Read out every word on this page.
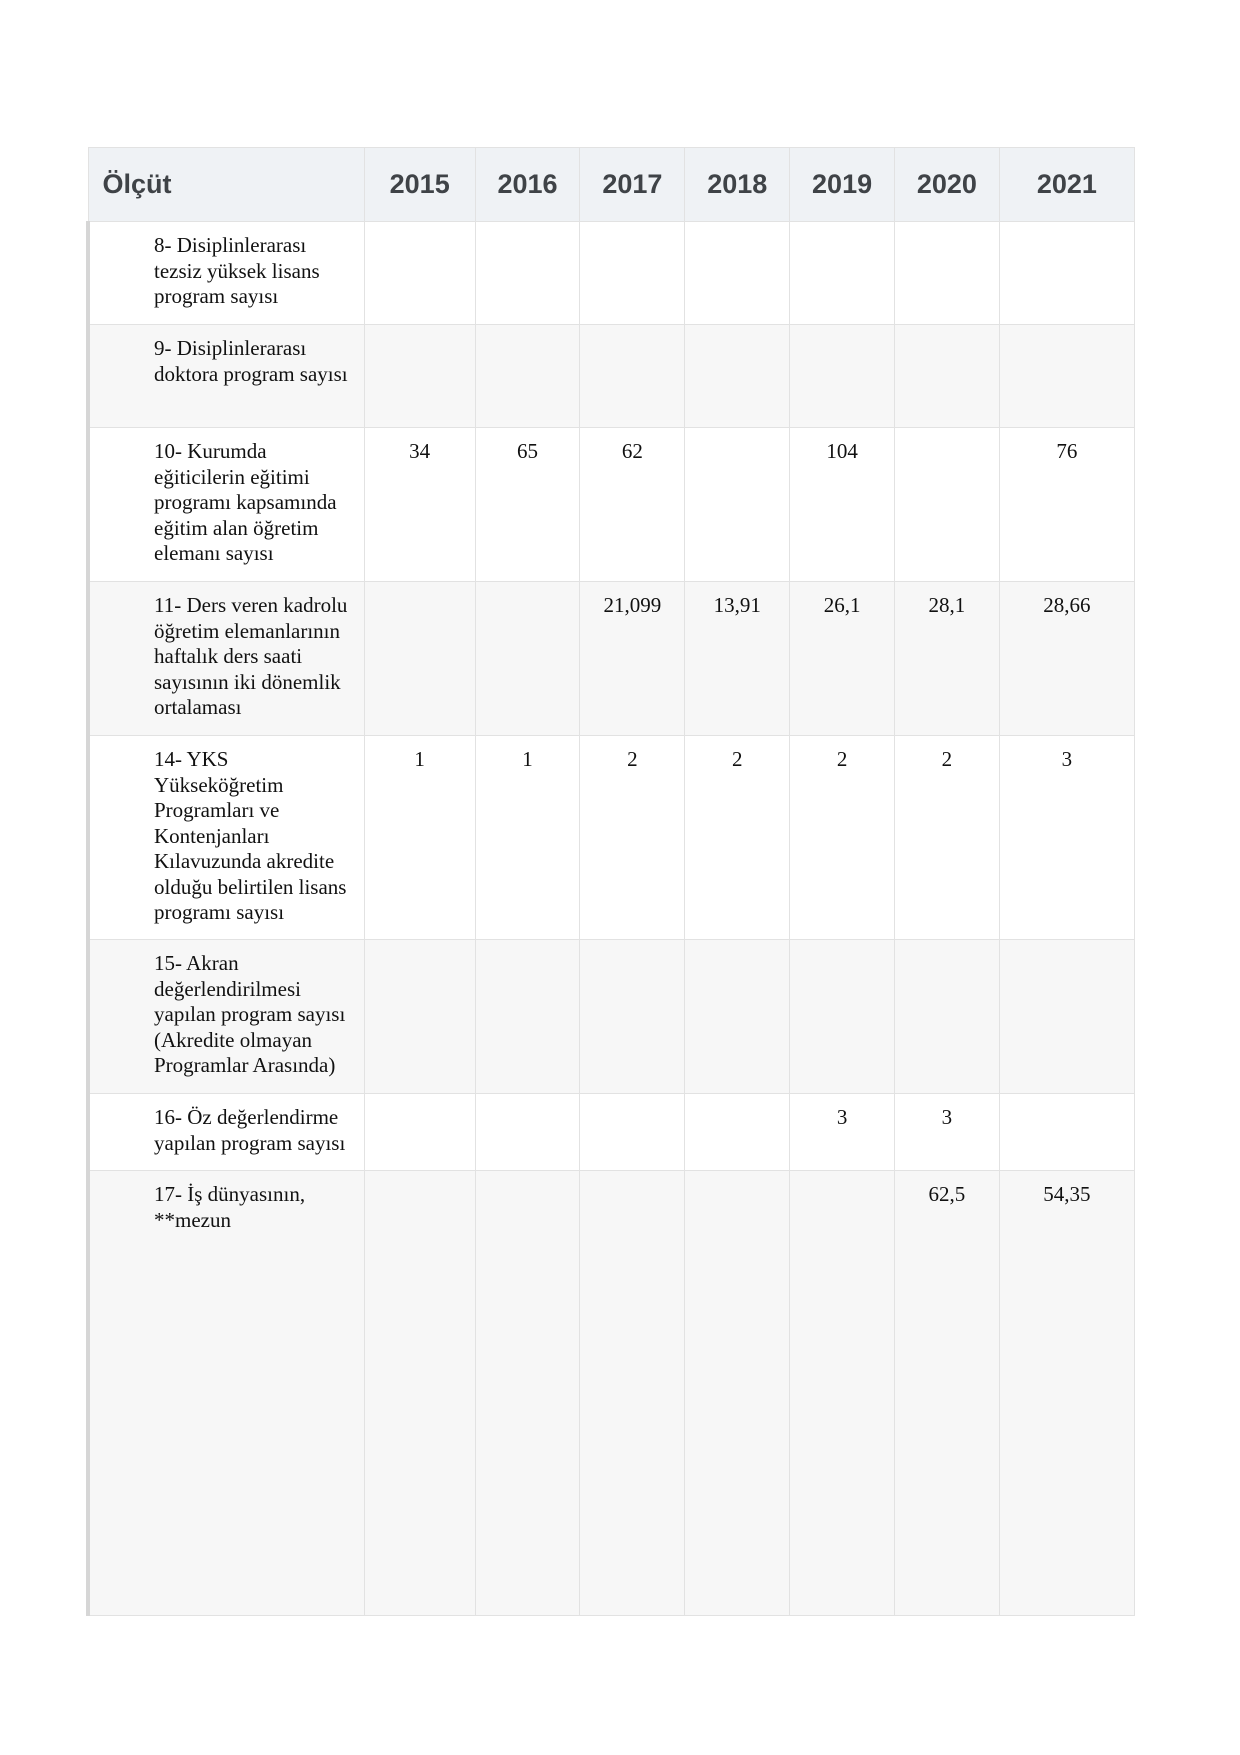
Ölçüt	2015	2016	2017	2018	2019	2020	2021
8- Disiplinlerarası tezsiz yüksek lisans program sayısı							
9- Disiplinlerarası doktora program sayısı							
10- Kurumda eğiticilerin eğitimi programı kapsamında eğitim alan öğretim elemanı sayısı	34	65	62		104		76
11- Ders veren kadrolu öğretim elemanlarının haftalık ders saati sayısının iki dönemlik ortalaması			21,099	13,91	26,1	28,1	28,66
14- YKS Yükseköğretim Programları ve Kontenjanları Kılavuzunda akredite olduğu belirtilen lisans programı sayısı	1	1	2	2	2	2	3
15- Akran değerlendirilmesi yapılan program sayısı (Akredite olmayan Programlar Arasında)							
16- Öz değerlendirme yapılan program sayısı					3	3	
17- İş dünyasının, **mezun						62,5	54,35
